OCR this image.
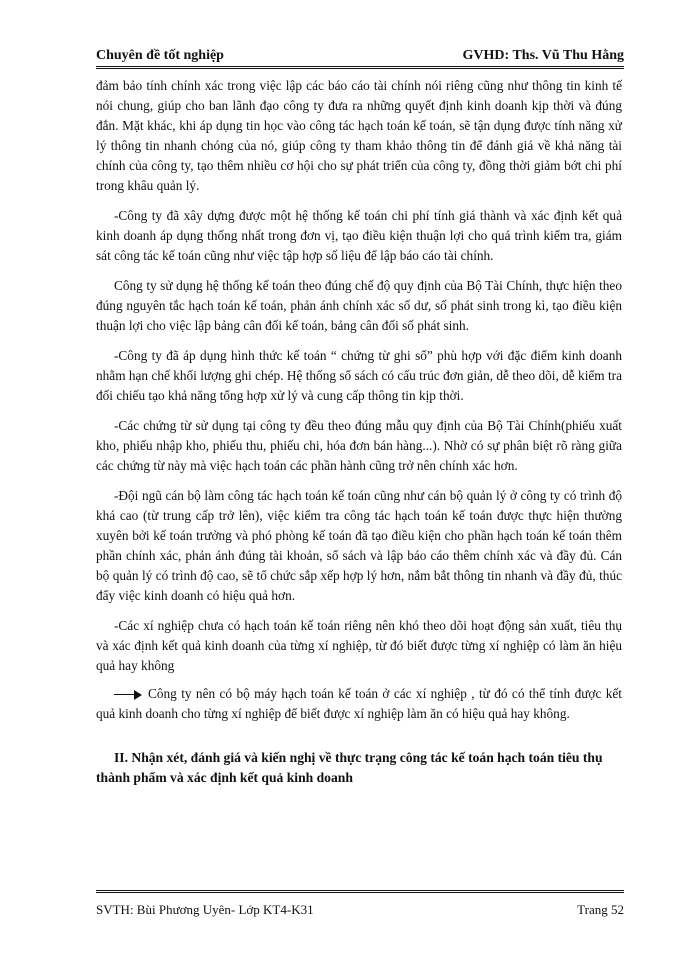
Chuyên đề tốt nghiệp	GVHD: Ths. Vũ Thu Hằng

đảm bảo tính chính xác trong việc lập các báo cáo tài chính nói riêng cũng như thông tin kinh tế nói chung, giúp cho ban lãnh đạo công ty đưa ra những quyết định kinh doanh kịp thời và đúng đắn. Mặt khác, khi áp dụng tin học vào công tác hạch toán kế toán, sẽ tận dụng được tính năng xử lý thông tin nhanh chóng của nó, giúp công ty tham khảo thông tin để đánh giá về khả năng tài chính của công ty, tạo thêm nhiều cơ hội cho sự phát triển của công ty, đồng thời giảm bớt chi phí trong khâu quản lý.

-Công ty đã xây dựng được một hệ thống kế toán chi phí tính giá thành và xác định kết quả kinh doanh áp dụng thống nhất trong đơn vị, tạo điều kiện thuận lợi cho quá trình kiểm tra, giám sát công tác kế toán cũng như việc tập hợp số liệu để lập báo cáo tài chính.

Công ty sử dụng hệ thống kế toán theo đúng chế độ quy định của Bộ Tài Chính, thực hiện theo đúng nguyên tắc hạch toán kế toán, phản ánh chính xác số dư, số phát sinh trong kì, tạo điều kiện thuận lợi cho việc lập bảng cân đối kế toán, bảng cân đối số phát sinh.

-Công ty đã áp dụng hình thức kế toán “ chứng từ ghi sổ” phù hợp với đặc điểm kinh doanh nhằm hạn chế khối lượng ghi chép. Hệ thống sổ sách có cấu trúc đơn giản, dễ theo dõi, dễ kiểm tra đối chiếu tạo khả năng tổng hợp xử lý và cung cấp thông tin kịp thời.

-Các chứng từ sử dụng tại công ty đều theo đúng mẫu quy định của Bộ Tài Chính(phiếu xuất kho, phiếu nhập kho, phiếu thu, phiếu chi, hóa đơn bán hàng...). Nhờ có sự phân biệt rõ ràng giữa các chứng từ này mà việc hạch toán các phần hành cũng trở nên chính xác hơn.

-Đội ngũ cán bộ làm công tác hạch toán kế toán cũng như cán bộ quản lý ở công ty có trình độ khá cao (từ trung cấp trở lên), việc kiểm tra công tác hạch toán kế toán được thực hiện thường xuyên bởi kế toán trưởng và phó phòng kế toán đã tạo điều kiện cho phần hạch toán kế toán thêm phần chính xác, phản ánh đúng tài khoản, sổ sách và lập báo cáo thêm chính xác và đầy đủ. Cán bộ quản lý có trình độ cao, sẽ tổ chức sắp xếp hợp lý hơn, nắm bắt thông tin nhanh và đầy đủ, thúc đẩy việc kinh doanh có hiệu quả hơn.

-Các xí nghiệp chưa có hạch toán kế toán riêng nên khó theo dõi hoạt động sản xuất, tiêu thụ và xác định kết quả kinh doanh của từng xí nghiệp, từ đó biết được từng xí nghiệp có làm ăn hiệu quả hay không

Công ty nên có bộ máy hạch toán kế toán ở các xí nghiệp , từ đó có thể tính được kết quả kinh doanh cho từng xí nghiệp để biết được xí nghiệp làm ăn có hiệu quả hay không.

II. Nhận xét, đánh giá và kiến nghị về thực trạng công tác kế toán hạch toán tiêu thụ thành phẩm và xác định kết quả kinh doanh

SVTH: Bùi Phương Uyên- Lớp KT4-K31	Trang 52
